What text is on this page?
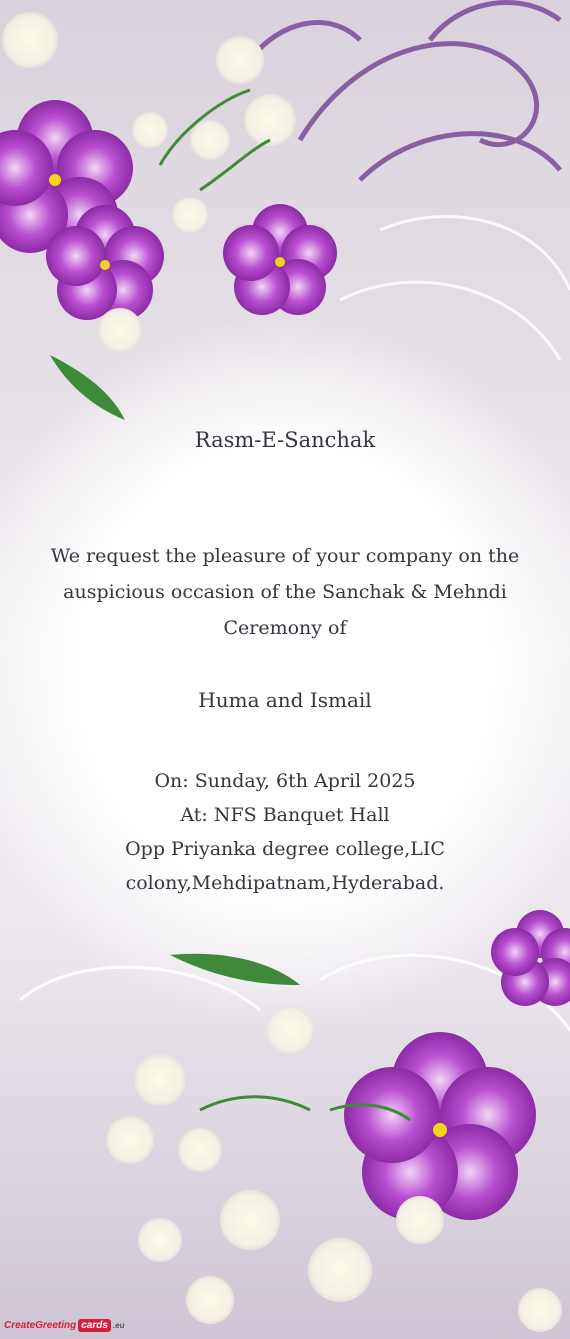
Rasm-E-Sanchak
We request the pleasure of your company on the auspicious occasion of the Sanchak & Mehndi Ceremony of
Huma and Ismail
On: Sunday, 6th April 2025
At: NFS Banquet Hall
Opp Priyanka degree college,LIC
colony,Mehdipatnam,Hyderabad.
CreateGreeting cards .eu
